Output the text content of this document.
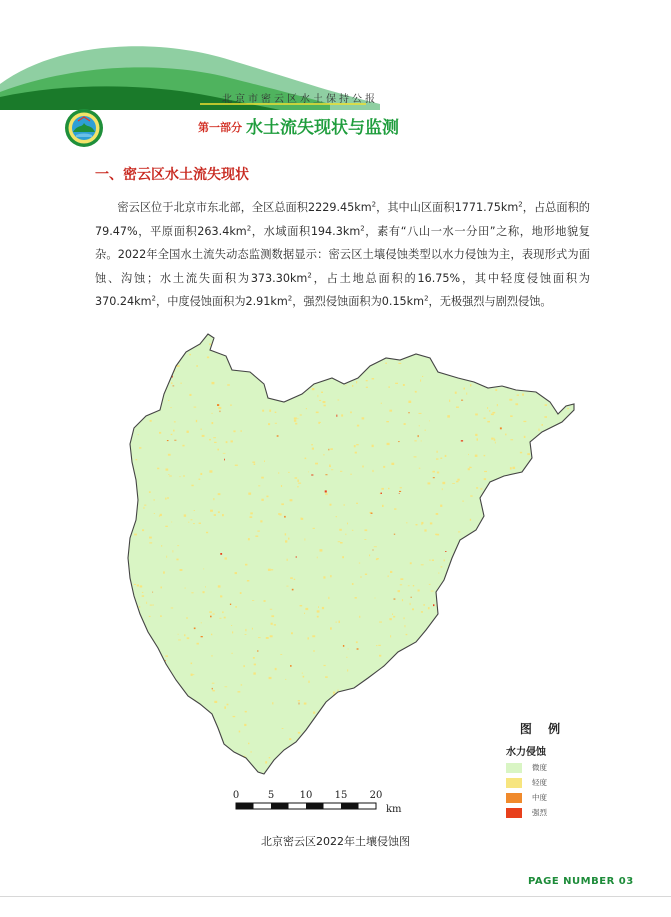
北京市密云区水土保持公报
第一部分 水土流失现状与监测
一、密云区水土流失现状

密云区位于北京市东北部，全区总面积$2229.45km^2$，其中山区面积$1771.75km^2$，占总面积的79.47%，平原面积$263.4km^2$，水域面积$194.3km^2$，素有“八山一水一分田”之称，地形地貌复杂。2022年全国水土流失动态监测数据显示：密云区土壤侵蚀类型以水力侵蚀为主，表现形式为面蚀、沟蚀；水土流失面积为$373.30km^2$，占土地总面积的16.75%，其中轻度侵蚀面积为$370.24km^2$，中度侵蚀面积为$2.91km^2$，强烈侵蚀面积为$0.15km^2$，无极强烈与剧烈侵蚀。

图 例
水力侵蚀
微度
轻度
中度
强烈
0	5	10 15 20
km
北京密云区2022年土壤侵蚀图
PAGE NUMBER 03
